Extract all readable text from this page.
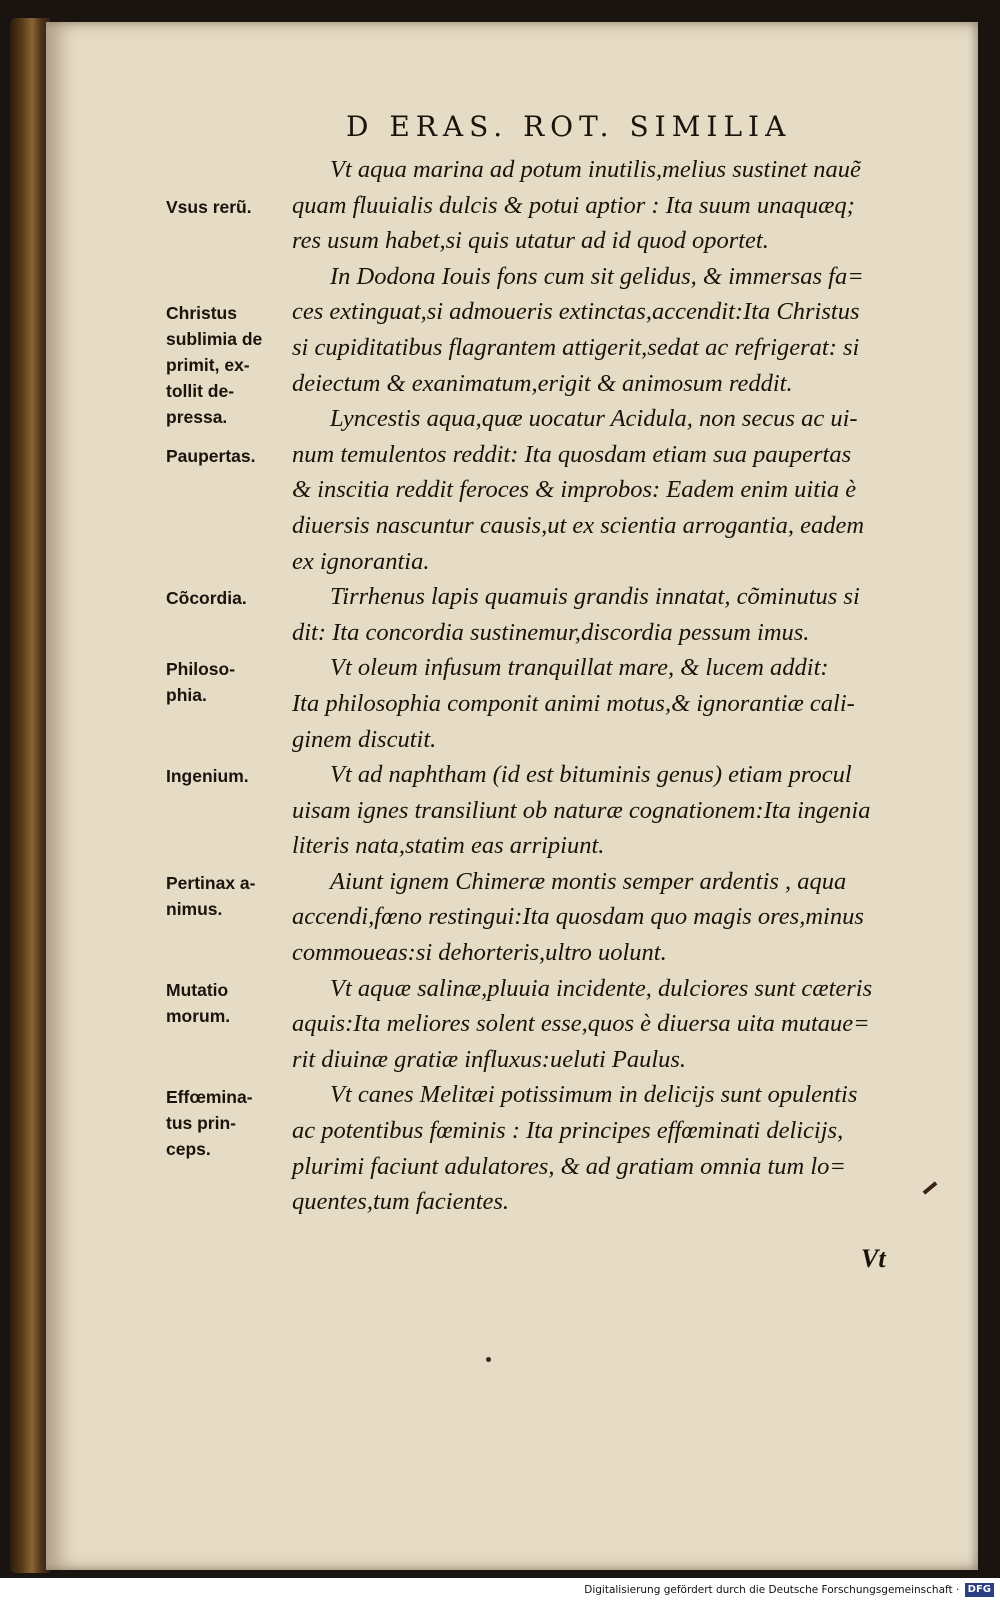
D ERAS. ROT. SIMILIA
Vsus rerũ.
Christus
sublimia de
primit, ex-
tollit de-
pressa.
Paupertas.
Cõcordia.
Philoso-
phia.
Ingenium.
Pertinax a-
nimus.
Mutatio
morum.
Effœmina-
tus prin-
ceps.
Vt aqua marina ad potum inutilis,melius sustinet nauẽ
quam fluuialis dulcis & potui aptior : Ita suum unaquæq;
res usum habet,si quis utatur ad id quod oportet.
In Dodona Iouis fons cum sit gelidus, & immersas fa=
ces extinguat,si admoueris extinctas,accendit:Ita Christus
si cupiditatibus flagrantem attigerit,sedat ac refrigerat: si
deiectum & exanimatum,erigit & animosum reddit.
Lyncestis aqua,quæ uocatur Acidula, non secus ac ui-
num temulentos reddit: Ita quosdam etiam sua paupertas
& inscitia reddit feroces & improbos: Eadem enim uitia è
diuersis nascuntur causis,ut ex scientia arrogantia, eadem
ex ignorantia.
Tirrhenus lapis quamuis grandis innatat, cõminutus si
dit: Ita concordia sustinemur,discordia pessum imus.
Vt oleum infusum tranquillat mare, & lucem addit:
Ita philosophia componit animi motus,& ignorantiæ cali-
ginem discutit.
Vt ad naphtham (id est bituminis genus) etiam procul
uisam ignes transiliunt ob naturæ cognationem:Ita ingenia
literis nata,statim eas arripiunt.
Aiunt ignem Chimeræ montis semper ardentis , aqua
accendi,fœno restingui:Ita quosdam quo magis ores,minus
commoueas:si dehorteris,ultro uolunt.
Vt aquæ salinæ,pluuia incidente, dulciores sunt cæteris
aquis:Ita meliores solent esse,quos è diuersa uita mutaue=
rit diuinæ gratiæ influxus:ueluti Paulus.
Vt canes Melitæi potissimum in delicijs sunt opulentis
ac potentibus fœminis : Ita principes effœminati delicijs,
plurimi faciunt adulatores, & ad gratiam omnia tum lo=
quentes,tum facientes.
Vt
Digitalisierung gefördert durch die Deutsche Forschungsgemeinschaft · DFG
